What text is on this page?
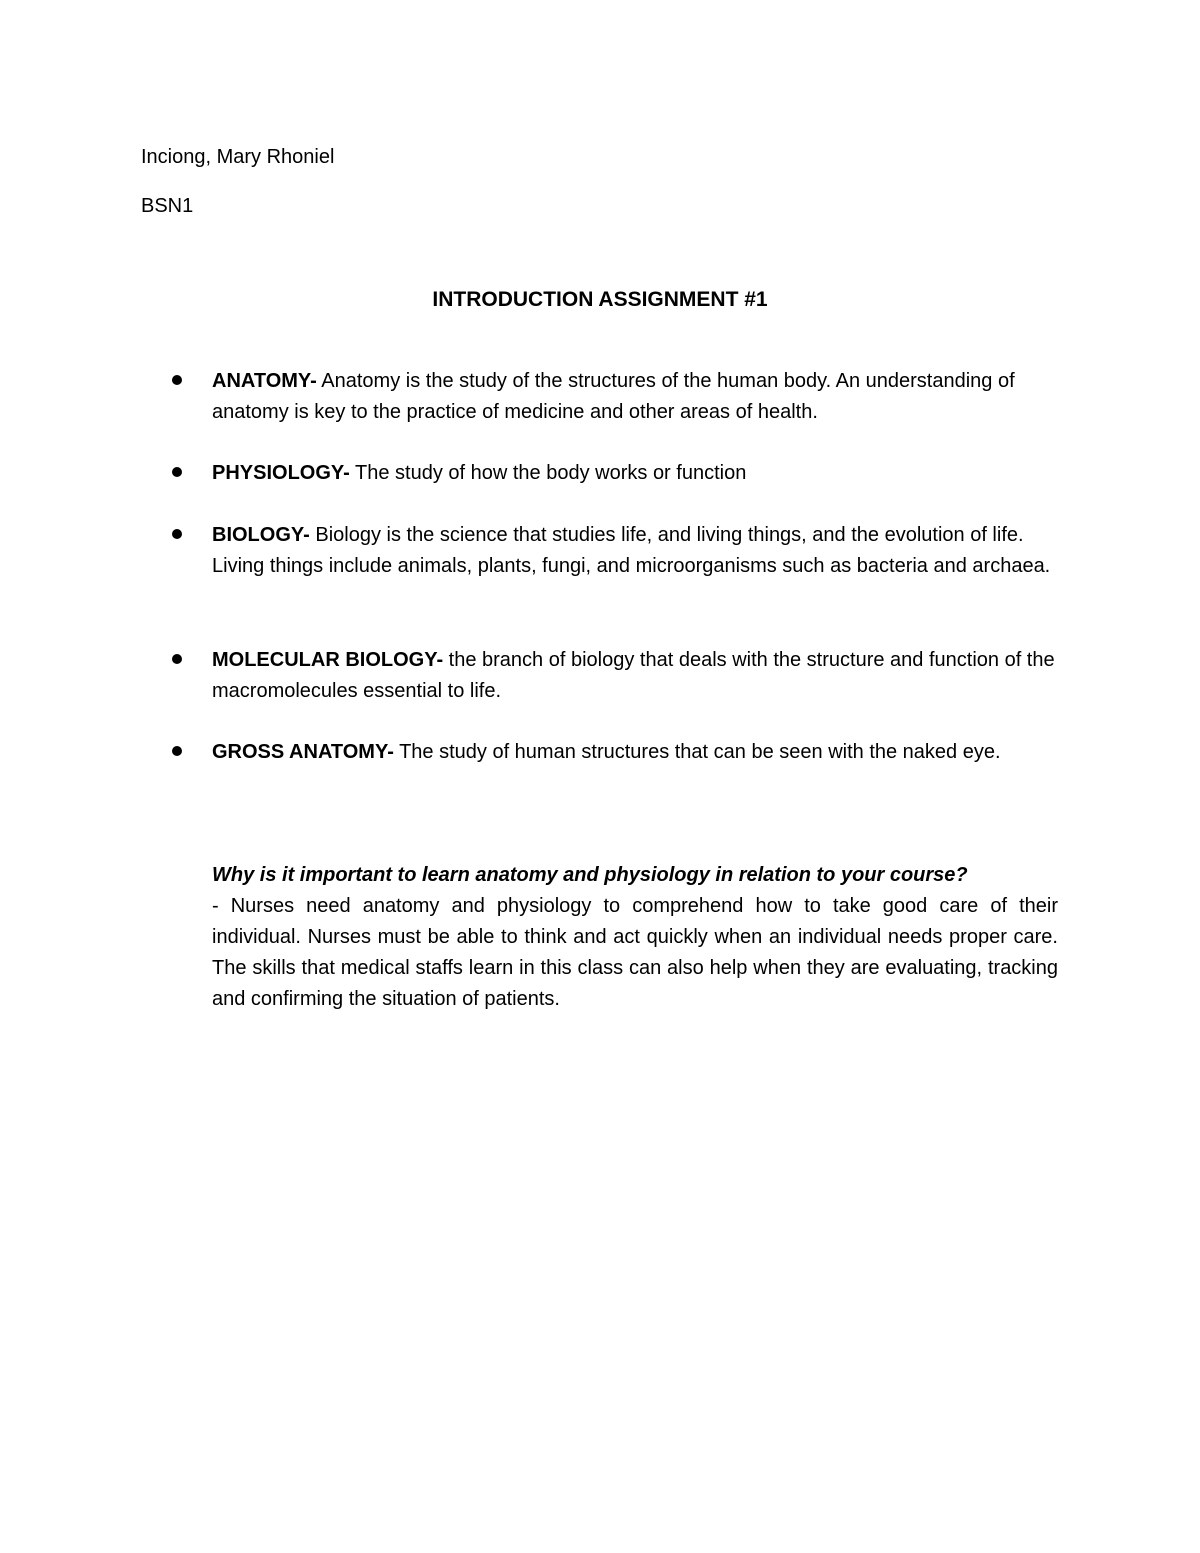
Inciong, Mary Rhoniel
BSN1
INTRODUCTION ASSIGNMENT #1
ANATOMY- Anatomy is the study of the structures of the human body. An understanding of anatomy is key to the practice of medicine and other areas of health.
PHYSIOLOGY- The study of how the body works or function
BIOLOGY- Biology is the science that studies life, and living things, and the evolution of life. Living things include animals, plants, fungi, and microorganisms such as bacteria and archaea.
MOLECULAR BIOLOGY- the branch of biology that deals with the structure and function of the macromolecules essential to life.
GROSS ANATOMY- The study of human structures that can be seen with the naked eye.
Why is it important to learn anatomy and physiology in relation to your course?

- Nurses need anatomy and physiology to comprehend how to take good care of their individual. Nurses must be able to think and act quickly when an individual needs proper care. The skills that medical staffs learn in this class can also help when they are evaluating, tracking and confirming the situation of patients.
